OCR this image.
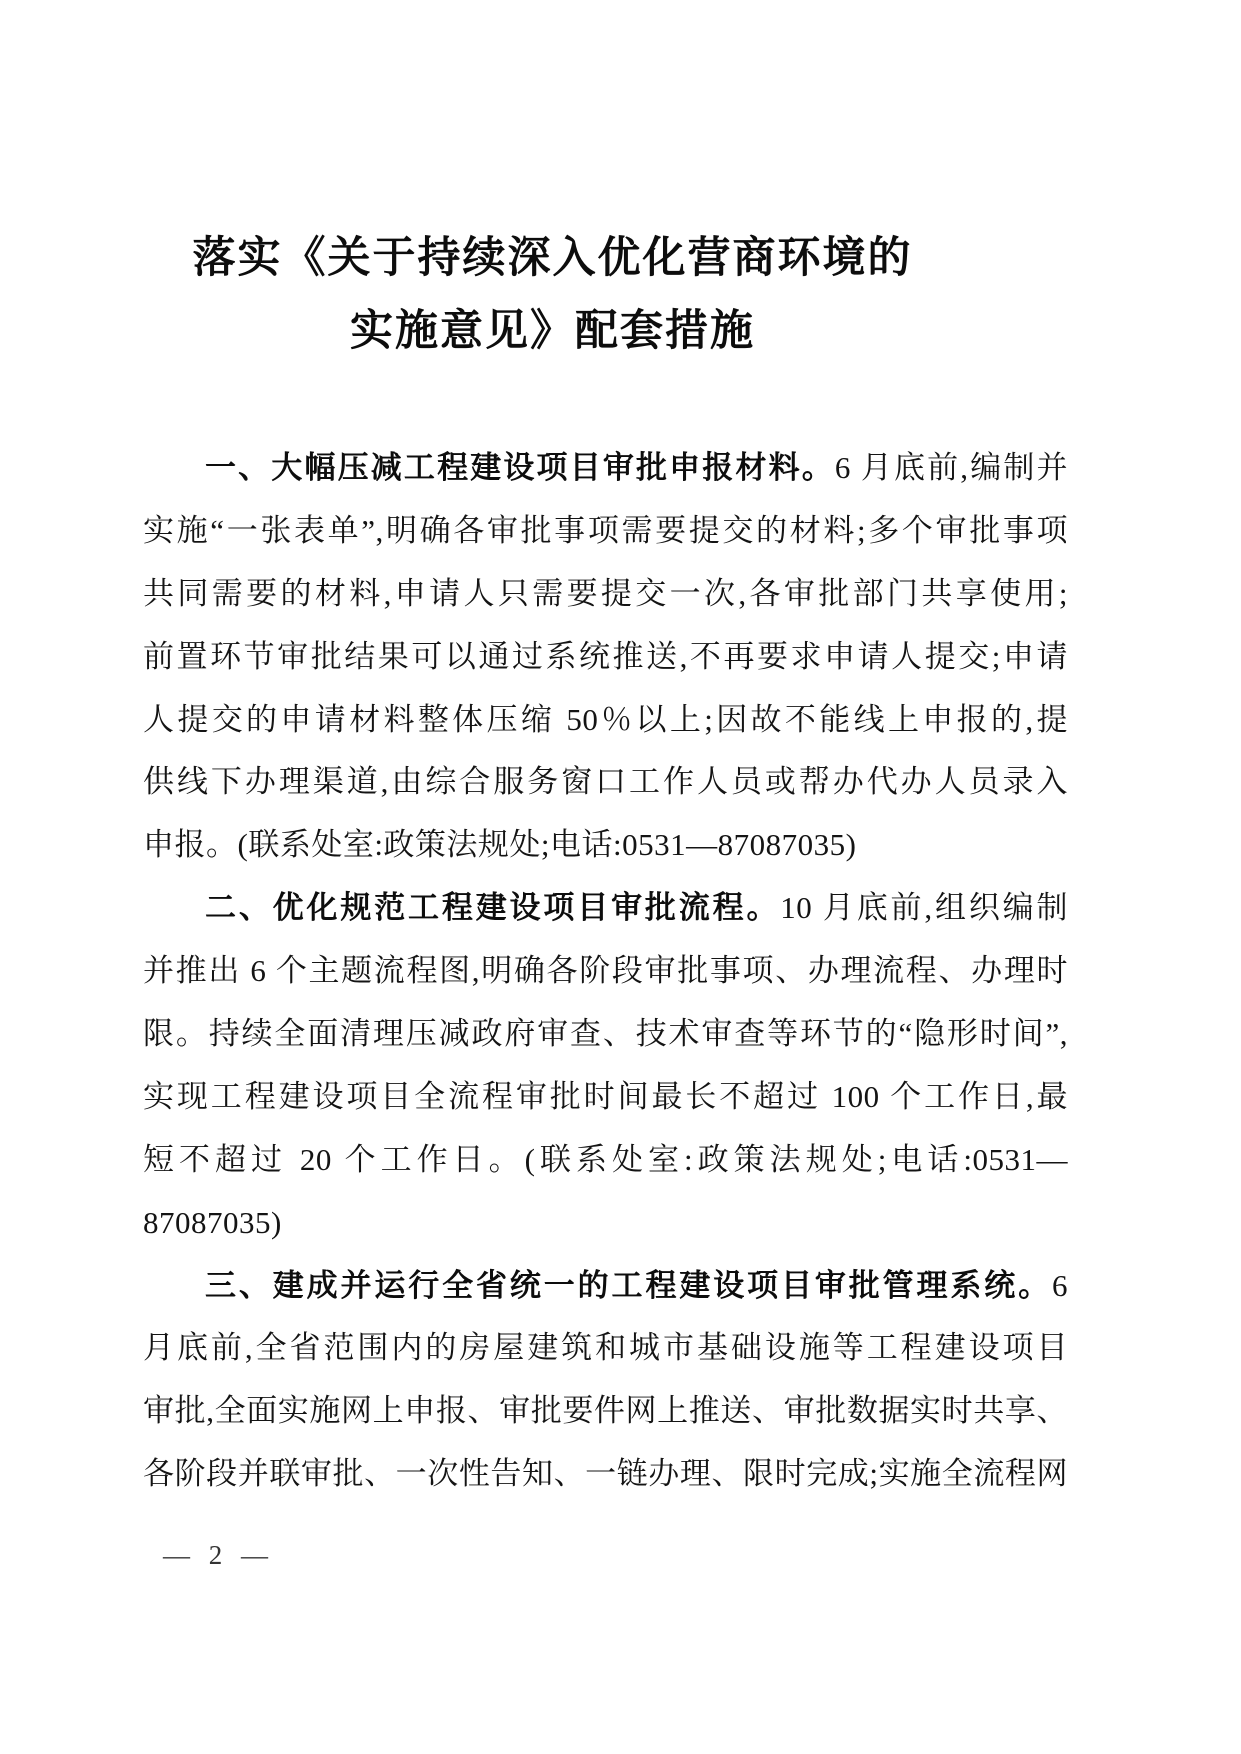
落实《关于持续深入优化营商环境的
实施意见》配套措施
一、大幅压减工程建设项目审批申报材料。6 月底前,编制并
实施“一张表单”,明确各审批事项需要提交的材料;多个审批事项
共同需要的材料,申请人只需要提交一次,各审批部门共享使用;
前置环节审批结果可以通过系统推送,不再要求申请人提交;申请
人提交的申请材料整体压缩 50％以上;因故不能线上申报的,提
供线下办理渠道,由综合服务窗口工作人员或帮办代办人员录入
申报。(联系处室:政策法规处;电话:0531—87087035)
二、优化规范工程建设项目审批流程。10 月底前,组织编制
并推出 6 个主题流程图,明确各阶段审批事项、办理流程、办理时
限。持续全面清理压减政府审查、技术审查等环节的“隐形时间”,
实现工程建设项目全流程审批时间最长不超过 100 个工作日,最
短不超过 20 个工作日。(联系处室:政策法规处;电话:0531—
87087035)
三、建成并运行全省统一的工程建设项目审批管理系统。6
月底前,全省范围内的房屋建筑和城市基础设施等工程建设项目
审批,全面实施网上申报、审批要件网上推送、审批数据实时共享、
各阶段并联审批、一次性告知、一链办理、限时完成;实施全流程网
— 2 —
